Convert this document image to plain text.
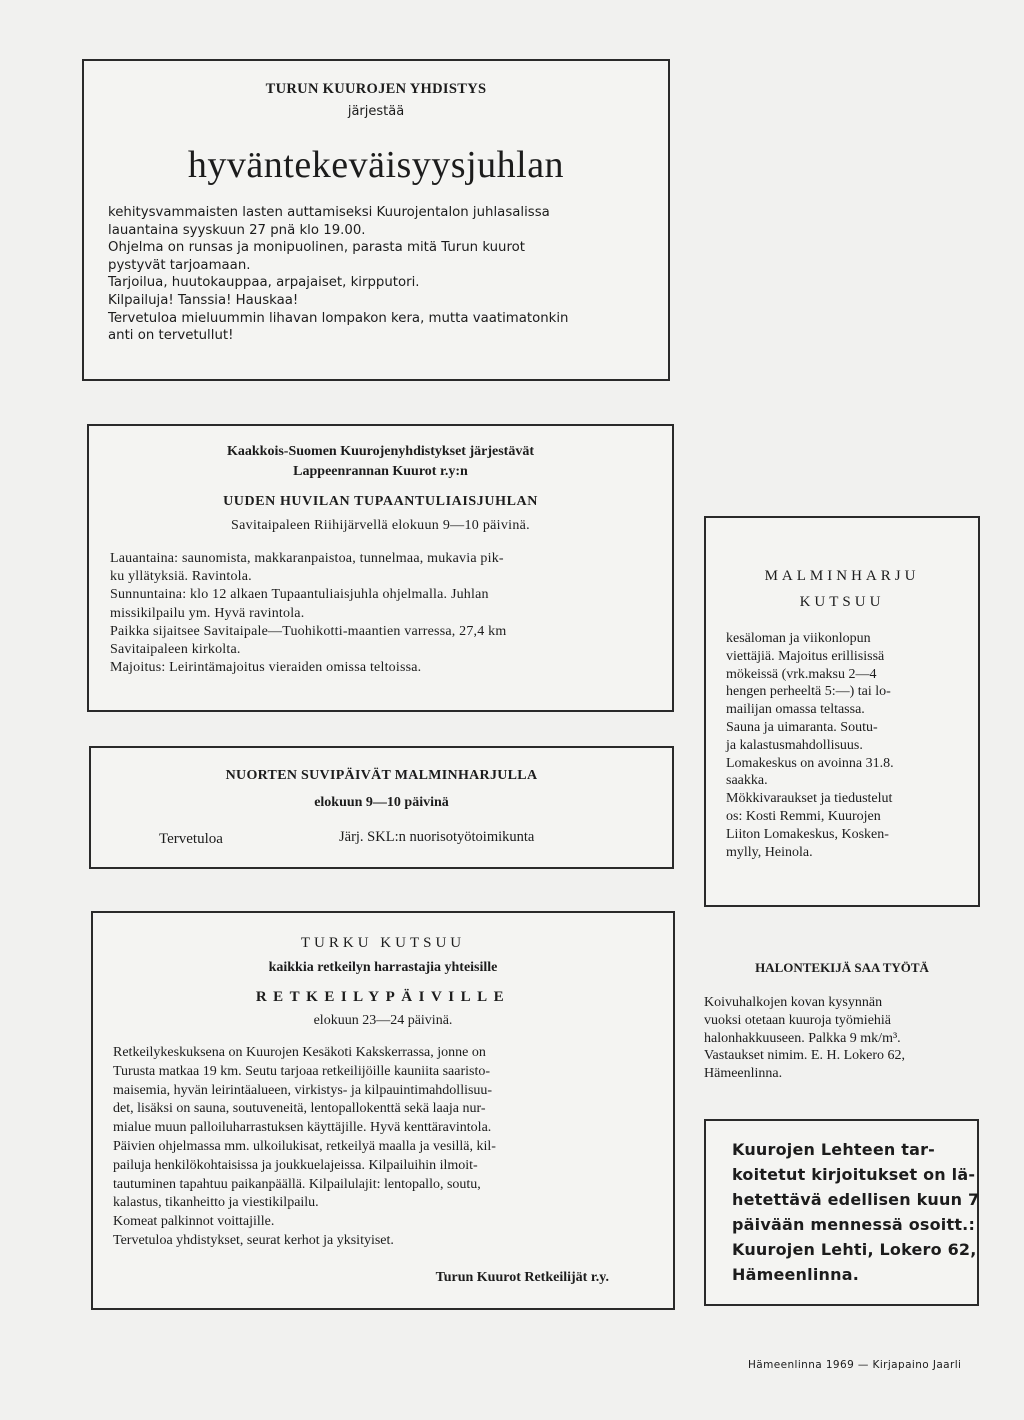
TURUN KUUROJEN YHDISTYS
järjestää
hyväntekeväisyysjuhlan
kehitysvammaisten lasten auttamiseksi Kuurojentalon juhlasalissa
lauantaina syyskuun 27 pnä klo 19.00.
Ohjelma on runsas ja monipuolinen, parasta mitä Turun kuurot
pystyvät tarjoamaan.
Tarjoilua, huutokauppaa, arpajaiset, kirpputori.
Kilpailuja! Tanssia! Hauskaa!
Tervetuloa mieluummin lihavan lompakon kera, mutta vaatimatonkin
anti on tervetullut!
Kaakkois-Suomen Kuurojenyhdistykset järjestävät
Lappeenrannan Kuurot r.y:n
UUDEN HUVILAN TUPAANTULIAISJUHLAN
Savitaipaleen Riihijärvellä elokuun 9—10 päivinä.
Lauantaina: saunomista, makkaranpaistoa, tunnelmaa, mukavia pik-
ku yllätyksiä. Ravintola.
Sunnuntaina: klo 12 alkaen Tupaantuliaisjuhla ohjelmalla. Juhlan
missikilpailu ym. Hyvä ravintola.
Paikka sijaitsee Savitaipale—Tuohikotti-maantien varressa, 27,4 km
Savitaipaleen kirkolta.
Majoitus: Leirintämajoitus vieraiden omissa teltoissa.
NUORTEN SUVIPÄIVÄT MALMINHARJULLA
elokuun 9—10 päivinä
Tervetuloa	Järj. SKL:n nuorisotyötoimikunta
TURKU KUTSUU
kaikkia retkeilyn harrastajia yhteisille
RETKEILYPÄIVILLE
elokuun 23—24 päivinä.
Retkeilykeskuksena on Kuurojen Kesäkoti Kakskerrassa, jonne on
Turusta matkaa 19 km. Seutu tarjoaa retkeilijöille kauniita saaristo-
maisemia, hyvän leirintäalueen, virkistys- ja kilpauintimahdollisuu-
det, lisäksi on sauna, soutuveneitä, lentopallokenttä sekä laaja nur-
mialue muun palloiluharrastuksen käyttäjille. Hyvä kenttäravintola.
Päivien ohjelmassa mm. ulkoilukisat, retkeilyä maalla ja vesillä, kil-
pailuja henkilökohtaisissa ja joukkuelajeissa. Kilpailuihin ilmoit-
tautuminen tapahtuu paikanpäällä. Kilpailulajit: lentopallo, soutu,
kalastus, tikanheitto ja viestikilpailu.
Komeat palkinnot voittajille.
Tervetuloa yhdistykset, seurat kerhot ja yksityiset.
Turun Kuurot Retkeilijät r.y.
MALMINHARJU
KUTSUU
kesäloman ja viikonlopun
viettäjiä. Majoitus erillisissä
mökeissä (vrk.maksu 2—4
hengen perheeltä 5:—) tai lo-
mailijan omassa teltassa.
Sauna ja uimaranta. Soutu-
ja kalastusmahdollisuus.
Lomakeskus on avoinna 31.8.
saakka.
Mökkivaraukset ja tiedustelut
os: Kosti Remmi, Kuurojen
Liiton Lomakeskus, Kosken-
mylly, Heinola.
HALONTEKIJÄ SAA TYÖTÄ
Koivuhalkojen kovan kysynnän
vuoksi otetaan kuuroja työmiehiä
halonhakkuuseen. Palkka 9 mk/m³.
Vastaukset nimim. E. H. Lokero 62,
Hämeenlinna.
Kuurojen Lehteen tar-
koitetut kirjoitukset on lä-
hetettävä edellisen kuun 7
päivään mennessä osoitt.:
Kuurojen Lehti, Lokero 62,
Hämeenlinna.
Hämeenlinna 1969 — Kirjapaino Jaarli
